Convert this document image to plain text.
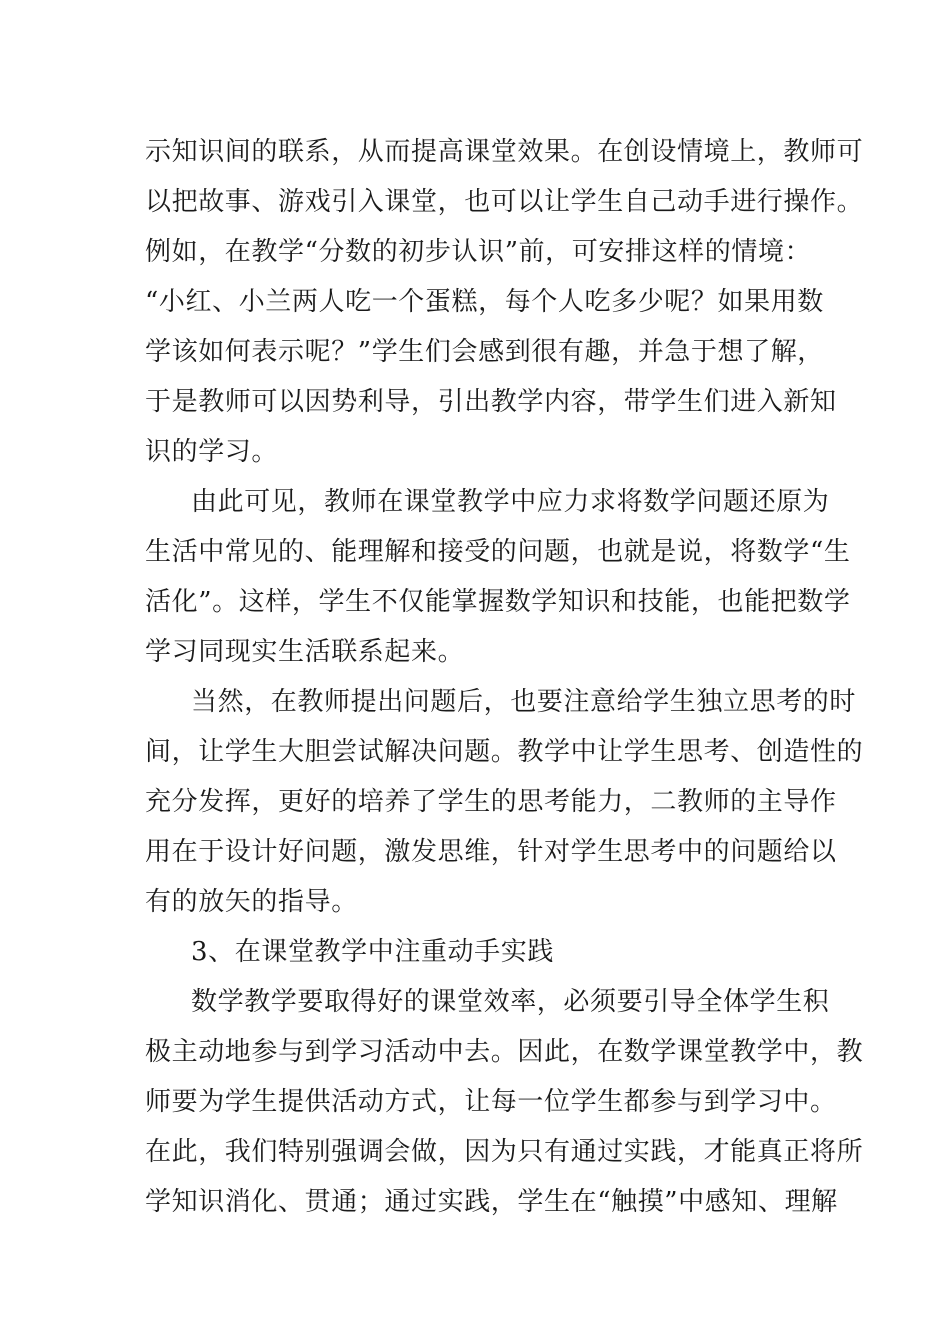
示知识间的联系，从而提高课堂效果。在创设情境上，教师可
以把故事、游戏引入课堂，也可以让学生自己动手进行操作。
例如，在教学“分数的初步认识”前，可安排这样的情境：
“小红、小兰两人吃一个蛋糕，每个人吃多少呢？如果用数
学该如何表示呢？”学生们会感到很有趣，并急于想了解，
于是教师可以因势利导，引出教学内容，带学生们进入新知
识的学习。
由此可见，教师在课堂教学中应力求将数学问题还原为
生活中常见的、能理解和接受的问题，也就是说，将数学“生
活化”。这样，学生不仅能掌握数学知识和技能，也能把数学
学习同现实生活联系起来。
当然，在教师提出问题后，也要注意给学生独立思考的时
间，让学生大胆尝试解决问题。教学中让学生思考、创造性的
充分发挥，更好的培养了学生的思考能力，二教师的主导作
用在于设计好问题，激发思维，针对学生思考中的问题给以
有的放矢的指导。
3、在课堂教学中注重动手实践
数学教学要取得好的课堂效率，必须要引导全体学生积
极主动地参与到学习活动中去。因此，在数学课堂教学中，教
师要为学生提供活动方式，让每一位学生都参与到学习中。
在此，我们特别强调会做，因为只有通过实践，才能真正将所
学知识消化、贯通；通过实践，学生在“触摸”中感知、理解
